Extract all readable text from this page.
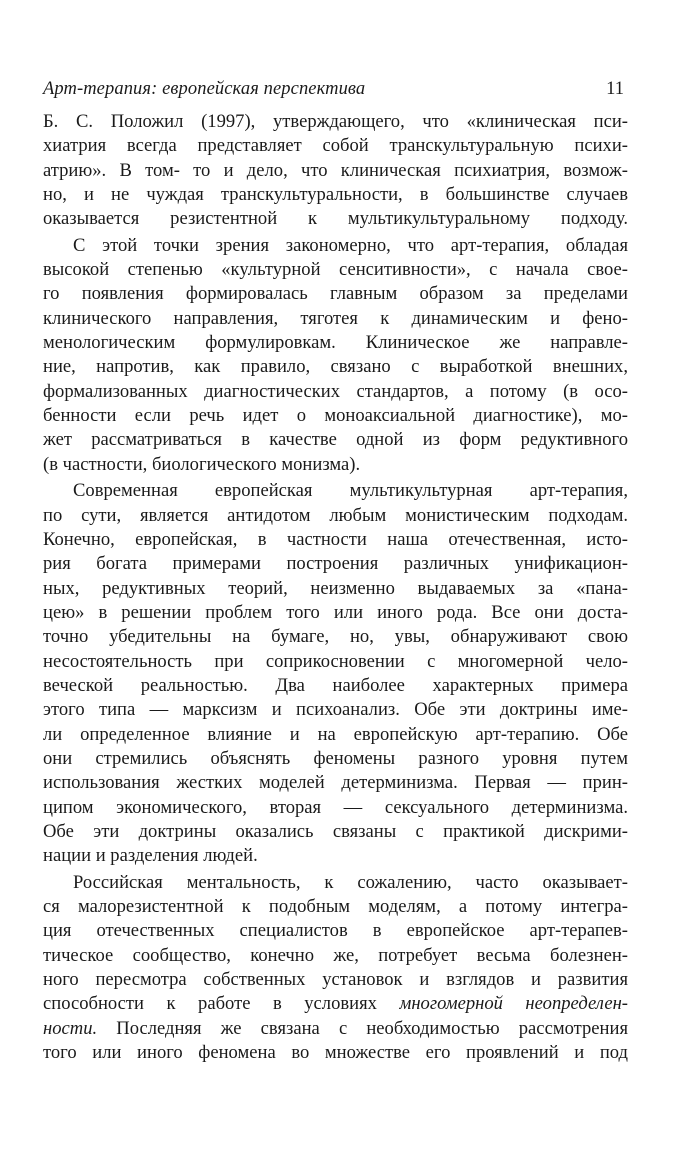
Арт-терапия: европейская перспектива	11
Б. С. Положил (1997), утверждающего, что «клиническая пси-
хиатрия всегда представляет собой транскультуральную психи-
атрию». В том- то и дело, что клиническая психиатрия, возмож-
но, и не чуждая транскультуральности, в большинстве случаев
оказывается резистентной к мультикультуральному подходу.
С этой точки зрения закономерно, что арт-терапия, обладая
высокой степенью «культурной сенситивности», с начала свое-
го появления формировалась главным образом за пределами
клинического направления, тяготея к динамическим и фено-
менологическим формулировкам. Клиническое же направле-
ние, напротив, как правило, связано с выработкой внешних,
формализованных диагностических стандартов, а потому (в осо-
бенности если речь идет о моноаксиальной диагностике), мо-
жет рассматриваться в качестве одной из форм редуктивного
(в частности, биологического монизма).
Современная европейская мультикультурная арт-терапия,
по сути, является антидотом любым монистическим подходам.
Конечно, европейская, в частности наша отечественная, исто-
рия богата примерами построения различных унификацион-
ных, редуктивных теорий, неизменно выдаваемых за «пана-
цею» в решении проблем того или иного рода. Все они доста-
точно убедительны на бумаге, но, увы, обнаруживают свою
несостоятельность при соприкосновении с многомерной чело-
веческой реальностью. Два наиболее характерных примера
этого типа — марксизм и психоанализ. Обе эти доктрины име-
ли определенное влияние и на европейскую арт-терапию. Обе
они стремились объяснять феномены разного уровня путем
использования жестких моделей детерминизма. Первая — прин-
ципом экономического, вторая — сексуального детерминизма.
Обе эти доктрины оказались связаны с практикой дискрими-
нации и разделения людей.
Российская ментальность, к сожалению, часто оказывает-
ся малорезистентной к подобным моделям, а потому интегра-
ция отечественных специалистов в европейское арт-терапев-
тическое сообщество, конечно же, потребует весьма болезнен-
ного пересмотра собственных установок и взглядов и развития
способности к работе в условиях многомерной неопределен-
ности. Последняя же связана с необходимостью рассмотрения
того или иного феномена во множестве его проявлений и под
